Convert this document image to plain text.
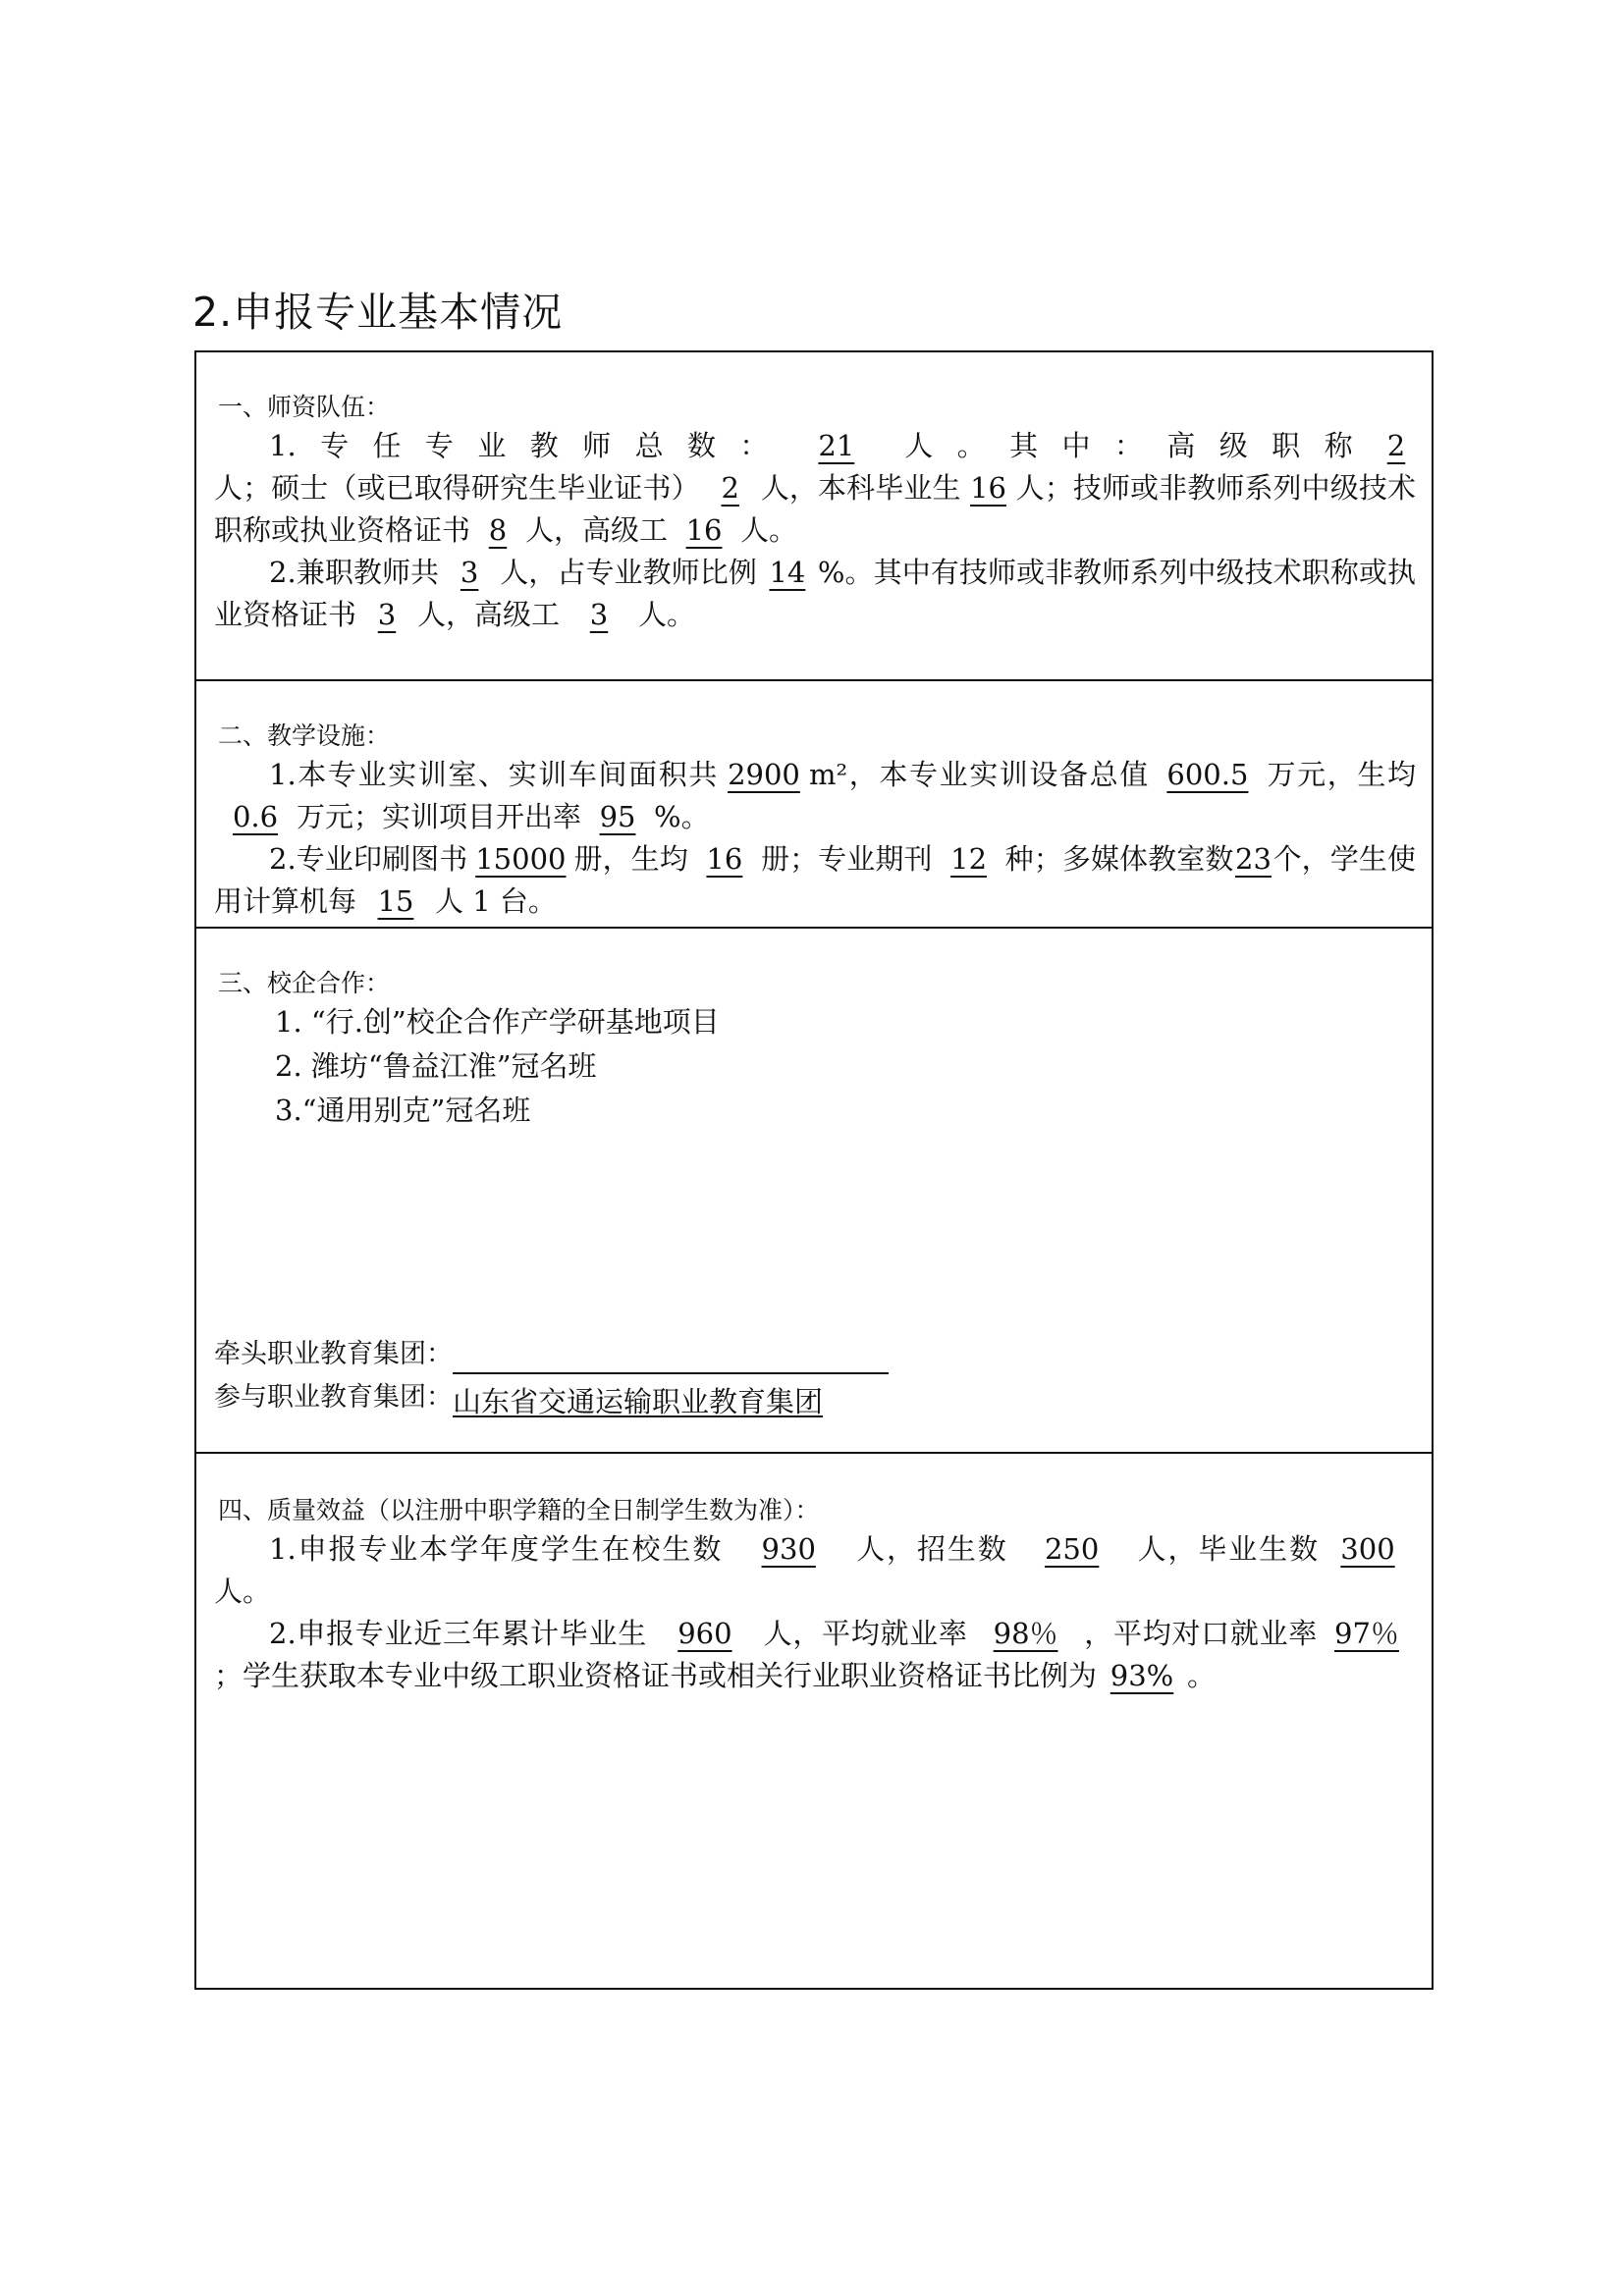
2.申报专业基本情况
一、师资队伍：
1.专任专业教师总数： 21 人。其中：高级职称 2人；硕士（或已取得研究生毕业证书） 2 人，本科毕业生 16 人；技师或非教师系列中级技术职称或执业资格证书 8 人，高级工 16 人。
2.兼职教师共 3 人，占专业教师比例 14 %。其中有技师或非教师系列中级技术职称或执业资格证书 3 人，高级工 3 人。
二、教学设施：
1.本专业实训室、实训车间面积共 2900 m²，本专业实训设备总值 600.5 万元，生均0.6 万元；实训项目开出率 95 %。
2.专业印刷图书 15000 册，生均 16 册；专业期刊 12 种；多媒体教室数23个，学生使用计算机每 15 人 1 台。
三、校企合作：
1. “行.创”校企合作产学研基地项目
2. 潍坊“鲁益江淮”冠名班
3.“通用别克”冠名班
牵头职业教育集团：
参与职业教育集团：山东省交通运输职业教育集团
四、质量效益（以注册中职学籍的全日制学生数为准）：
1.申报专业本学年度学生在校生数 930 人，招生数 250 人，毕业生数 300人。
2.申报专业近三年累计毕业生 960 人，平均就业率 98％ ，平均对口就业率 97％；学生获取本专业中级工职业资格证书或相关行业职业资格证书比例为 93% 。
